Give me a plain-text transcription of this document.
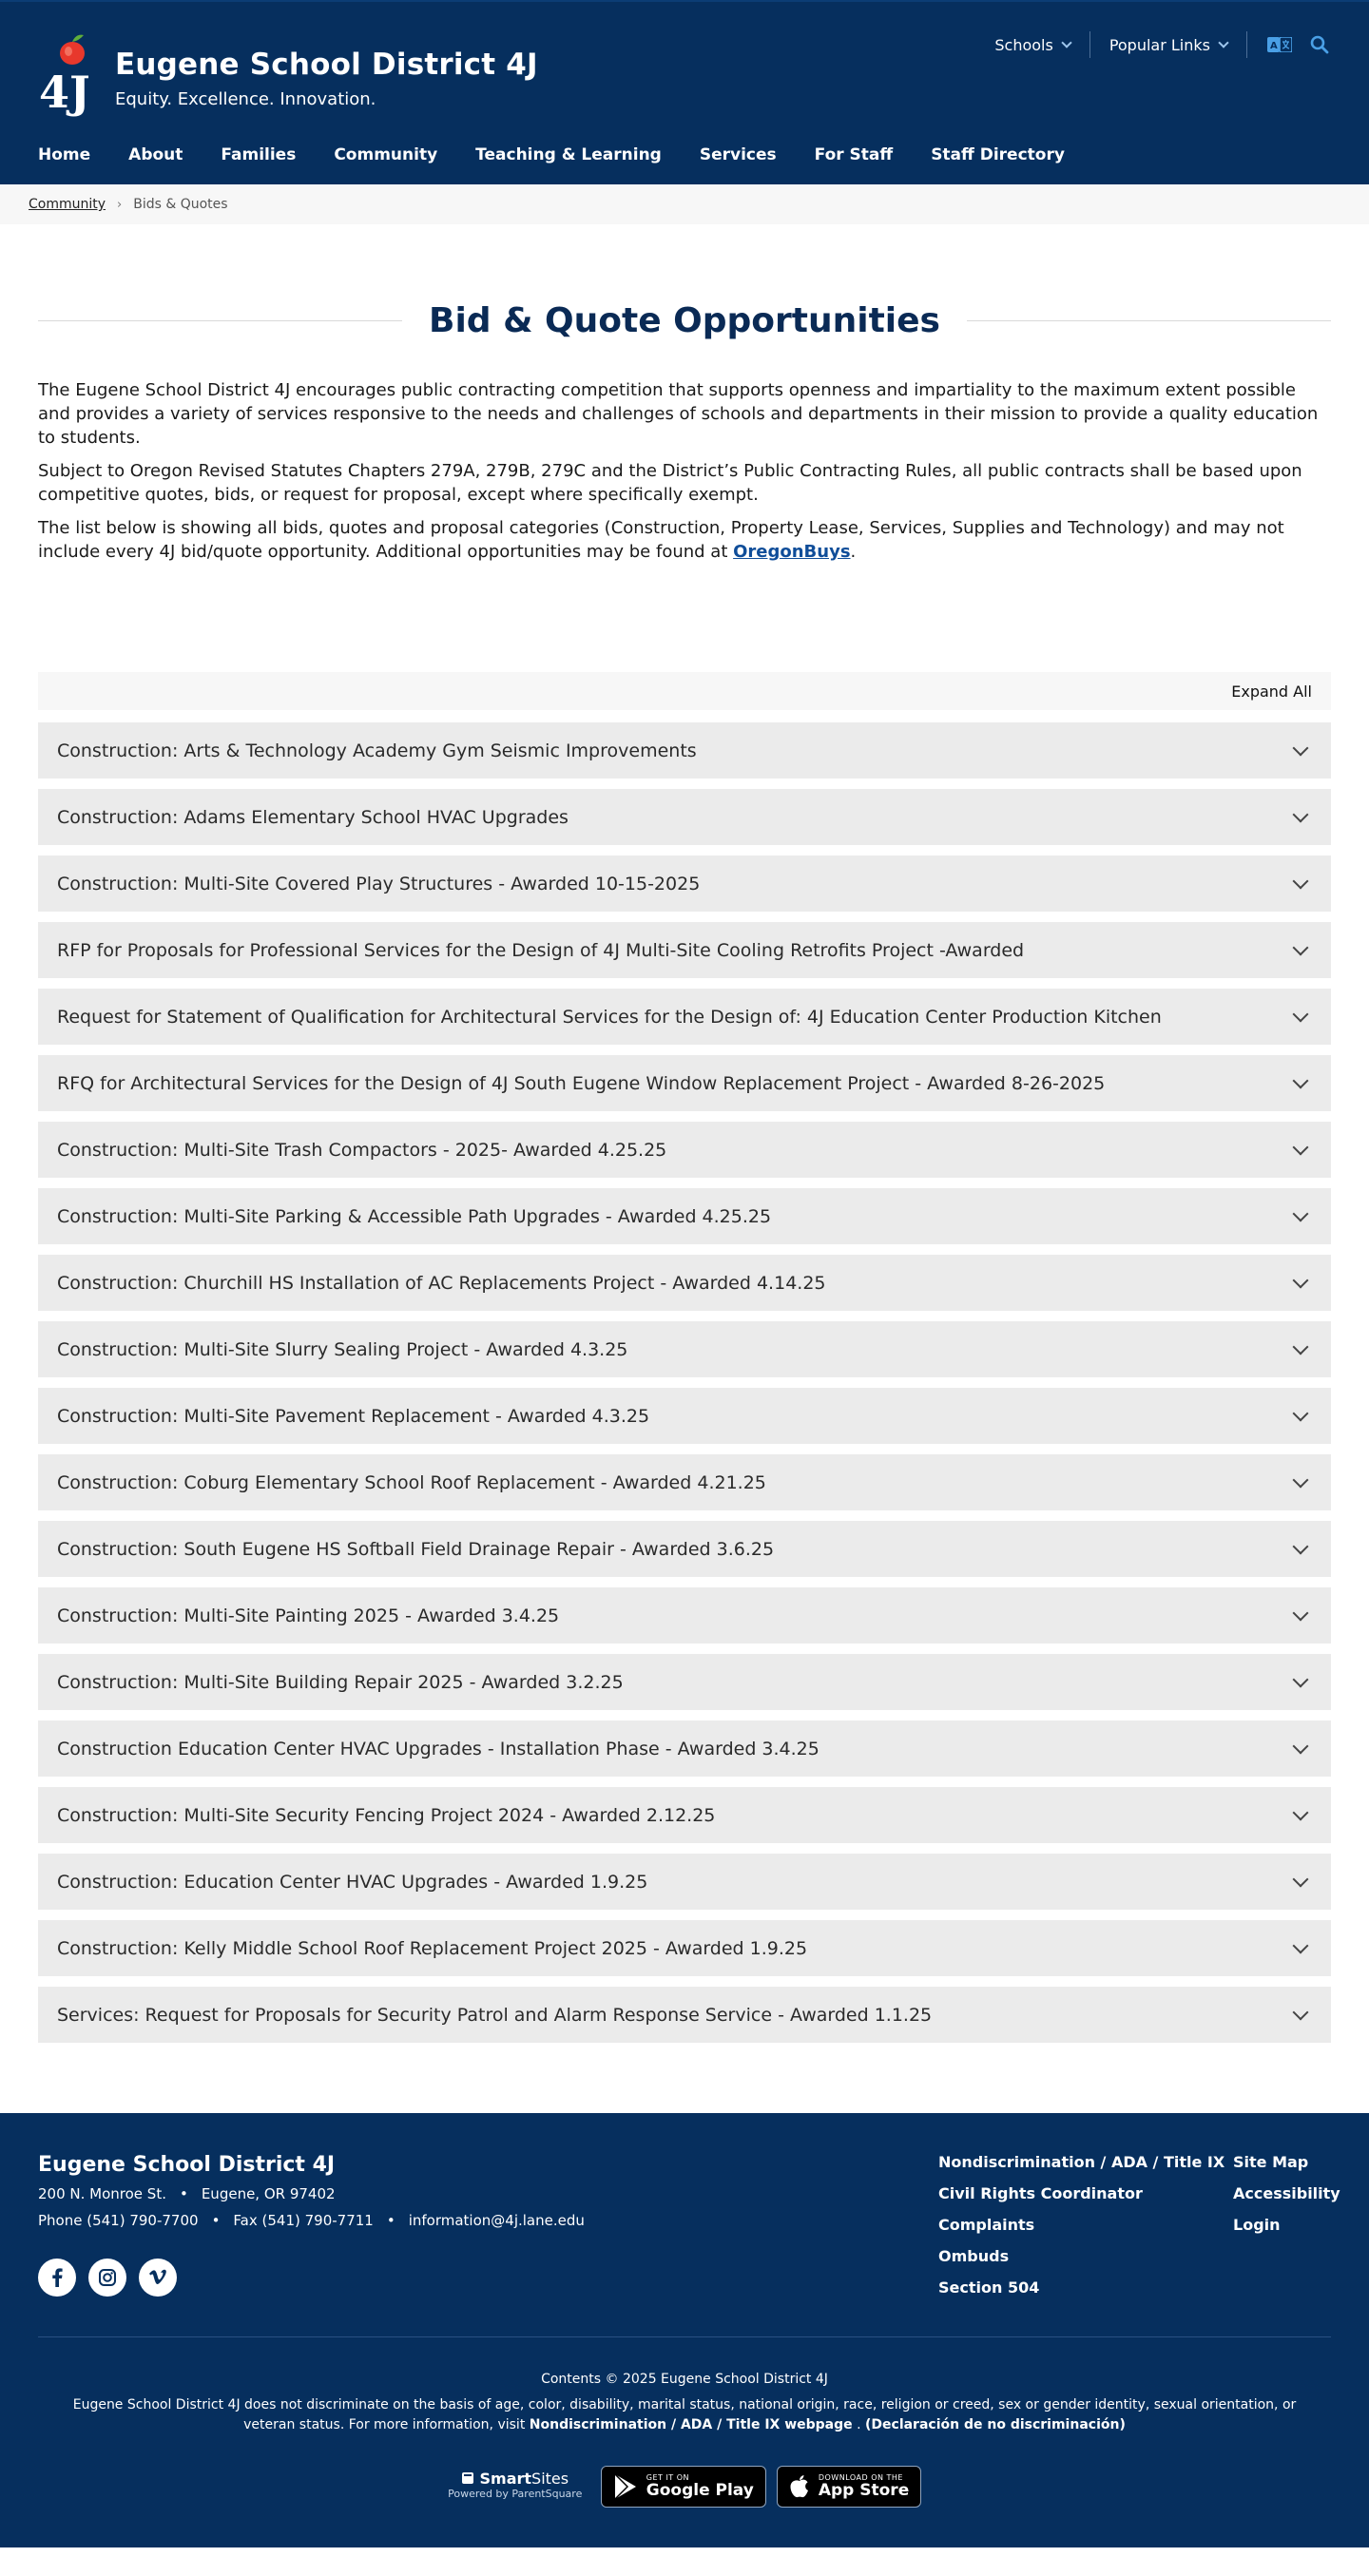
4J
Eugene School District 4J
Equity. Excellence. Innovation.
Schools	Popular Links	A
Home About Families Community Teaching & Learning Services For Staff Staff Directory
Community › Bids & Quotes
Bid & Quote Opportunities

The Eugene School District 4J encourages public contracting competition that supports openness and impartiality to the maximum extent possible and provides a variety of services responsive to the needs and challenges of schools and departments in their mission to provide a quality education to students.

Subject to Oregon Revised Statutes Chapters 279A, 279B, 279C and the District’s Public Contracting Rules, all public contracts shall be based upon competitive quotes, bids, or request for proposal, except where specifically exempt.

The list below is showing all bids, quotes and proposal categories (Construction, Property Lease, Services, Supplies and Technology) and may not include every 4J bid/quote opportunity. Additional opportunities may be found at OregonBuys.

Expand All
Construction: Arts & Technology Academy Gym Seismic Improvements
Construction: Adams Elementary School HVAC Upgrades
Construction: Multi-Site Covered Play Structures - Awarded 10-15-2025
RFP for Proposals for Professional Services for the Design of 4J Multi-Site Cooling Retrofits Project -Awarded
Request for Statement of Qualification for Architectural Services for the Design of: 4J Education Center Production Kitchen
RFQ for Architectural Services for the Design of 4J South Eugene Window Replacement Project - Awarded 8-26-2025
Construction: Multi-Site Trash Compactors - 2025- Awarded 4.25.25
Construction: Multi-Site Parking & Accessible Path Upgrades - Awarded 4.25.25
Construction: Churchill HS Installation of AC Replacements Project - Awarded 4.14.25
Construction: Multi-Site Slurry Sealing Project - Awarded 4.3.25
Construction: Multi-Site Pavement Replacement - Awarded 4.3.25
Construction: Coburg Elementary School Roof Replacement - Awarded 4.21.25
Construction: South Eugene HS Softball Field Drainage Repair - Awarded 3.6.25
Construction: Multi-Site Painting 2025 - Awarded 3.4.25
Construction: Multi-Site Building Repair 2025 - Awarded 3.2.25
Construction Education Center HVAC Upgrades - Installation Phase - Awarded 3.4.25
Construction: Multi-Site Security Fencing Project 2024 - Awarded 2.12.25
Construction: Education Center HVAC Upgrades - Awarded 1.9.25
Construction: Kelly Middle School Roof Replacement Project 2025 - Awarded 1.9.25
Services: Request for Proposals for Security Patrol and Alarm Response Service - Awarded 1.1.25
Eugene School District 4J
200 N. Monroe St. • Eugene, OR 97402
Phone (541) 790-7700 • Fax (541) 790-7711 • information@4j.lane.edu
Nondiscrimination / ADA / Title IX
Civil Rights Coordinator
Complaints
Ombuds
Section 504
Site Map
Accessibility
Login
Contents © 2025 Eugene School District 4J
Eugene School District 4J does not discriminate on the basis of age, color, disability, marital status, national origin, race, religion or creed, sex or gender identity, sexual orientation, or veteran status. For more information, visit Nondiscrimination / ADA / Title IX webpage . (Declaración de no discriminación)
SmartSites
Powered by ParentSquare
GET IT ON
Google Play
DOWNLOAD ON THE
App Store
